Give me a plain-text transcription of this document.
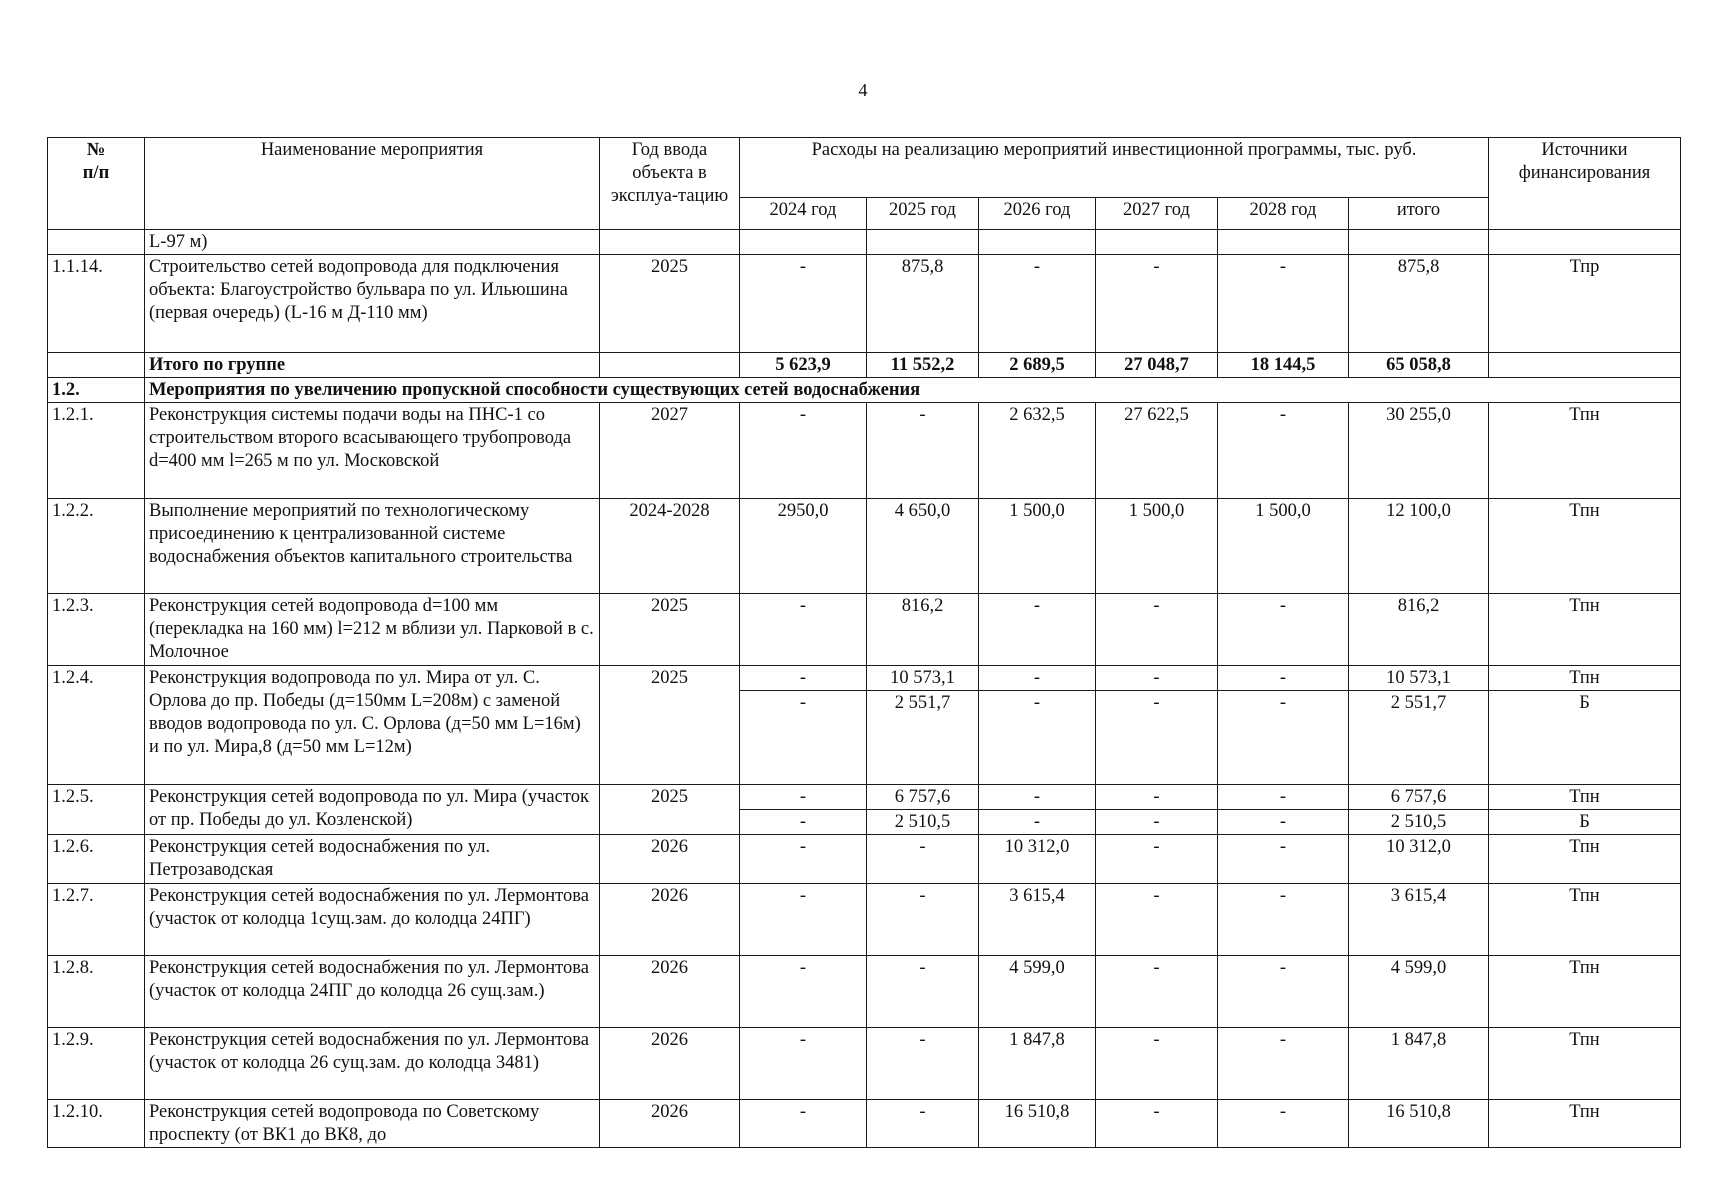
4
№
п/п	Наименование мероприятия	Год ввода объекта в эксплуа-тацию	Расходы на реализацию мероприятий инвестиционной программы, тыс. руб.						Источники финансирования
			2024 год	2025 год	2026 год	2027 год	2028 год	итого	
	L-97 м)								
1.1.14.	Строительство сетей водопровода для подключения объекта: Благоустройство бульвара по ул. Ильюшина (первая очередь) (L-16 м Д-110 мм)	2025	-	875,8	-	-	-	875,8	Тпр
	Итого по группе		5 623,9	11 552,2	2 689,5	27 048,7	18 144,5	65 058,8	
1.2.	Мероприятия по увеличению пропускной способности существующих сетей водоснабжения								
1.2.1.	Реконструкция системы подачи воды на ПНС-1 со строительством второго всасывающего трубопровода d=400 мм l=265 м по ул. Московской	2027	-	-	2 632,5	27 622,5	-	30 255,0	Тпн
1.2.2.	Выполнение мероприятий по технологическому присоединению к централизованной системе водоснабжения объектов капитального строительства	2024-2028	2950,0	4 650,0	1 500,0	1 500,0	1 500,0	12 100,0	Тпн
1.2.3.	Реконструкция сетей водопровода d=100 мм (перекладка на 160 мм) l=212 м вблизи ул. Парковой в с. Молочное	2025	-	816,2	-	-	-	816,2	Тпн
1.2.4.	Реконструкция водопровода по ул. Мира от ул. С. Орлова до пр. Победы (д=150мм L=208м) с заменой вводов водопровода по ул. С. Орлова (д=50 мм L=16м) и по ул. Мира,8 (д=50 мм L=12м)	2025	-	10 573,1	-	-	-	10 573,1	Тпн
			-	2 551,7	-	-	-	2 551,7	Б
1.2.5.	Реконструкция сетей водопровода по ул. Мира (участок от пр. Победы до ул. Козленской)	2025	-	6 757,6	-	-	-	6 757,6	Тпн
			-	2 510,5	-	-	-	2 510,5	Б
1.2.6.	Реконструкция сетей водоснабжения по ул. Петрозаводская	2026	-	-	10 312,0	-	-	10 312,0	Тпн
1.2.7.	Реконструкция сетей водоснабжения по ул. Лермонтова (участок от колодца 1сущ.зам. до колодца 24ПГ)	2026	-	-	3 615,4	-	-	3 615,4	Тпн
1.2.8.	Реконструкция сетей водоснабжения по ул. Лермонтова (участок от колодца 24ПГ до колодца 26 сущ.зам.)	2026	-	-	4 599,0	-	-	4 599,0	Тпн
1.2.9.	Реконструкция сетей водоснабжения по ул. Лермонтова (участок от колодца 26 сущ.зам. до колодца 3481)	2026	-	-	1 847,8	-	-	1 847,8	Тпн
1.2.10.	Реконструкция сетей водопровода по Советскому проспекту (от ВК1 до ВК8, до	2026	-	-	16 510,8	-	-	16 510,8	Тпн
